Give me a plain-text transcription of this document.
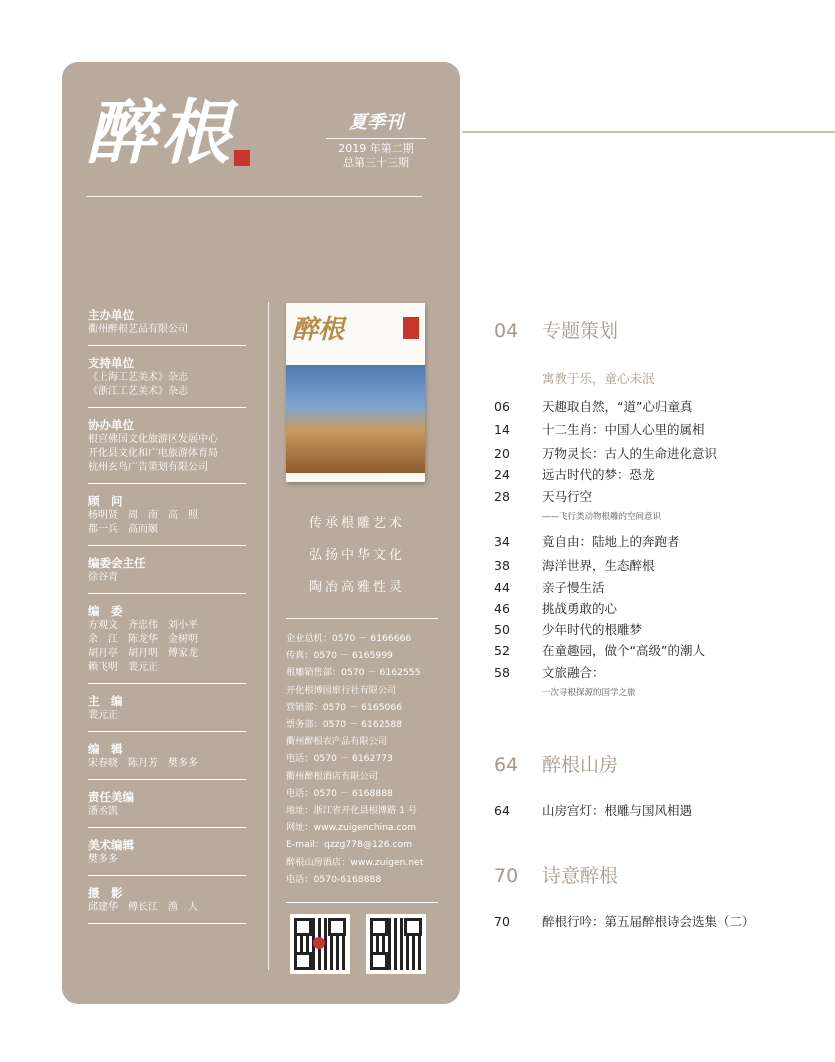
醉根	夏季刊
2019 年第二期
总第三十三期
主办单位
衢州醉根艺品有限公司
支持单位
《上海工艺美术》杂志
《浙江工艺美术》杂志
协办单位
根宫佛国文化旅游区发展中心
开化县文化和广电旅游体育局
杭州玄鸟广告策划有限公司
顾　问
杨明贤　周　南　高　照
都一兵　高而颐
编委会主任
徐谷青
编　委
方观文　齐忠伟　刘小平
余　江　陈龙华　金树明
胡月亭　胡月明　傅家龙
赖飞明　裴元正
主　编
裴元正
编　辑
宋春晓　陈月芳　樊多多
责任美编
潘丞凯
美术编辑
樊多多
摄　影
邱建华　傅长江　渔　人
醉根
传承根雕艺术
弘扬中华文化
陶冶高雅性灵
企业总机：0570 － 6166666
传真：0570 － 6165999
根雕销售部：0570 － 6162555
开化根博园旅行社有限公司
营销部：0570 － 6165066
票务部：0570 － 6162588
衢州醉根农产品有限公司
电话：0570 － 6162773
衢州醉根酒店有限公司
电话：0570 － 6168888
地址：浙江省开化县根博路 1 号
网址：www.zuigenchina.com
E-mail：qzzg778@126.com
醉根山房酒店：www.zuigen.net
电话：0570-6168888
04 专题策划
寓教于乐，童心未泯
06	天趣取自然，“道”心归童真
14	十二生肖：中国人心里的属相
20	万物灵长：古人的生命进化意识
24	远古时代的梦：恐龙
28	天马行空
——飞行类动物根雕的空间意识
34	竟自由：陆地上的奔跑者
38	海洋世界，生态醉根
44	亲子慢生活
46	挑战勇敢的心
50	少年时代的根雕梦
52	在童趣园，做个“高级”的潮人
58	文旅融合：
一次寻根探源的国学之旅
64 醉根山房
64	山房宫灯：根雕与国风相遇
70 诗意醉根
70	醉根行吟：第五届醉根诗会选集（二）
